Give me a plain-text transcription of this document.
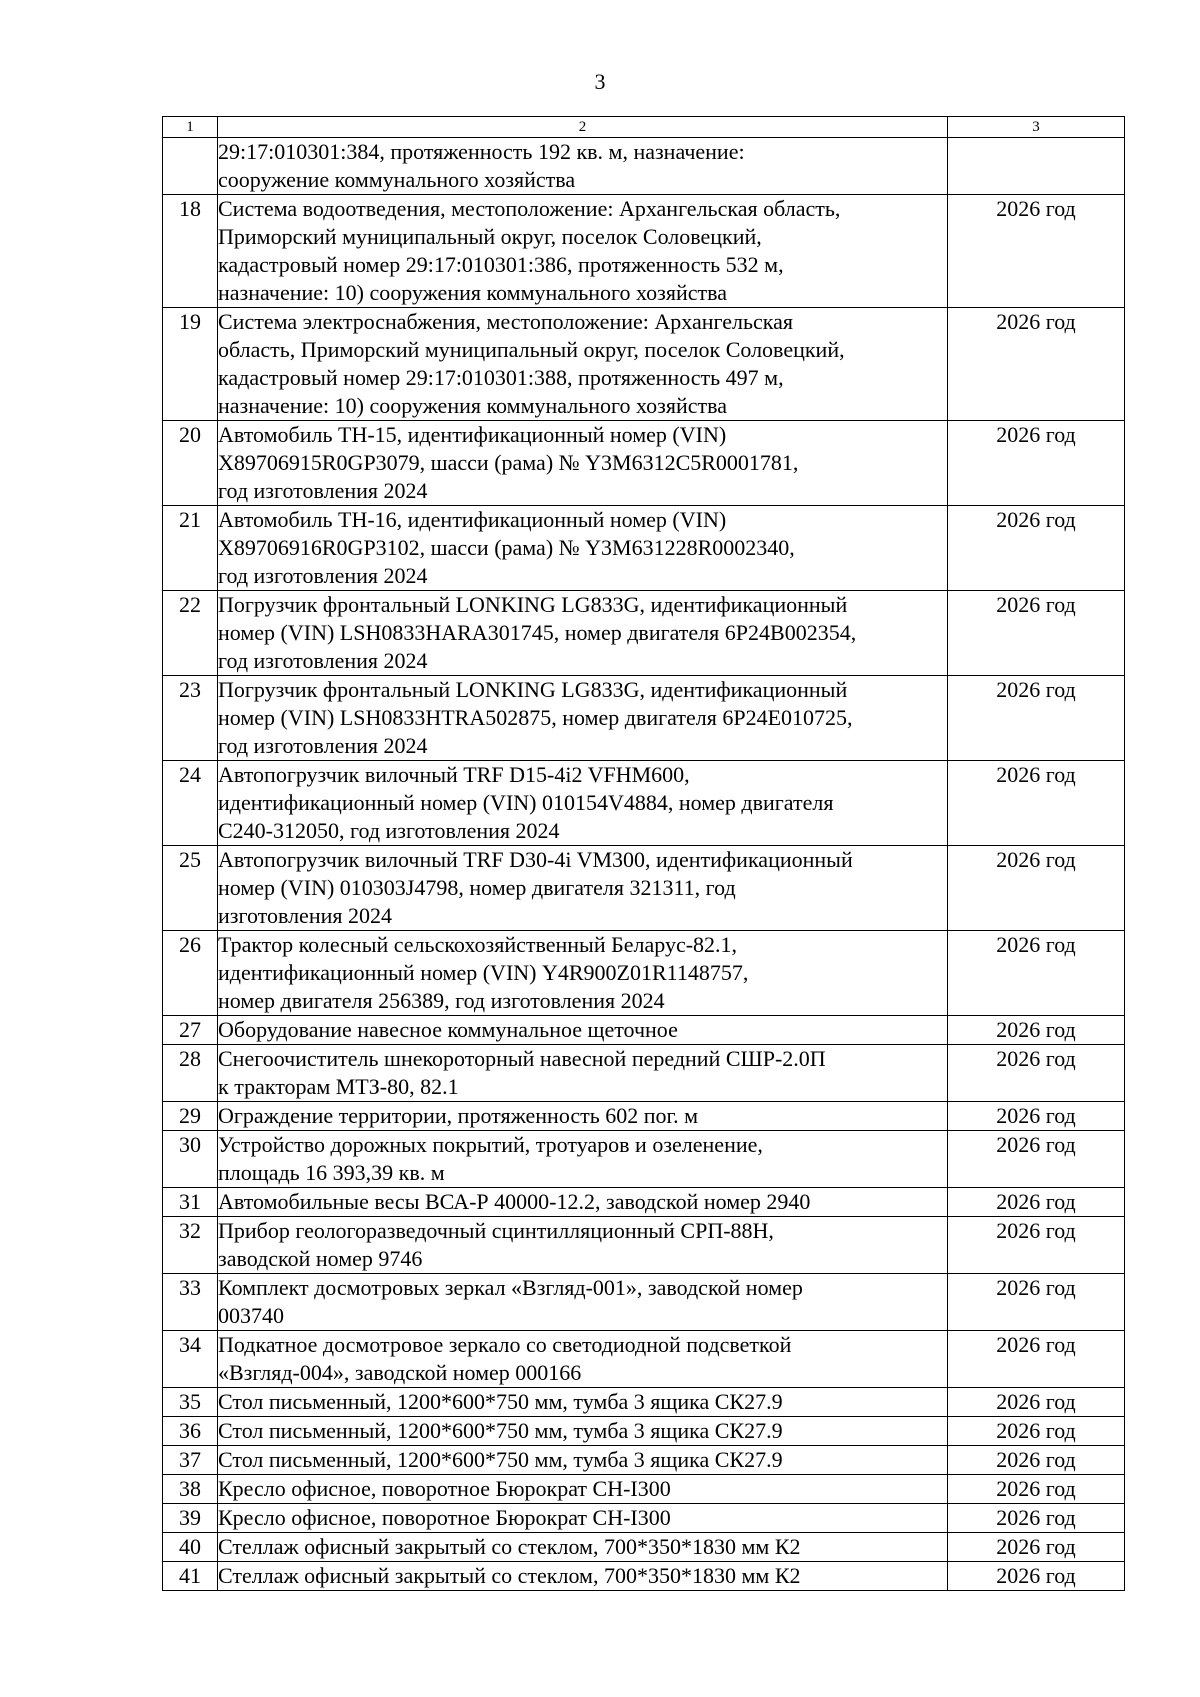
3
1	2	3

	29:17:010301:384, протяженность 192 кв. м, назначение:
сооружение коммунального хозяйства	

18	Система водоотведения, местоположение: Архангельская область,
Приморский муниципальный округ, поселок Соловецкий,
кадастровый номер 29:17:010301:386, протяженность 532 м,
назначение: 10) сооружения коммунального хозяйства	2026 год
19	Система электроснабжения, местоположение: Архангельская
область, Приморский муниципальный округ, поселок Соловецкий,
кадастровый номер 29:17:010301:388, протяженность 497 м,
назначение: 10) сооружения коммунального хозяйства	2026 год
20	Автомобиль ТН-15, идентификационный номер (VIN)
X89706915R0GP3079, шасси (рама) № Y3M6312C5R0001781,
год изготовления 2024	2026 год
21	Автомобиль ТН-16, идентификационный номер (VIN)
X89706916R0GP3102, шасси (рама) № Y3M631228R0002340,
год изготовления 2024	2026 год
22	Погрузчик фронтальный LONKING LG833G, идентификационный
номер (VIN) LSH0833HARA301745, номер двигателя 6P24B002354,
год изготовления 2024	2026 год
23	Погрузчик фронтальный LONKING LG833G, идентификационный
номер (VIN) LSH0833HTRA502875, номер двигателя 6P24E010725,
год изготовления 2024	2026 год
24	Автопогрузчик вилочный TRF D15-4i2 VFHM600,
идентификационный номер (VIN) 010154V4884, номер двигателя
C240-312050, год изготовления 2024	2026 год
25	Автопогрузчик вилочный TRF D30-4i VM300, идентификационный
номер (VIN) 010303J4798, номер двигателя 321311, год
изготовления 2024	2026 год
26	Трактор колесный сельскохозяйственный Беларус-82.1,
идентификационный номер (VIN) Y4R900Z01R1148757,
номер двигателя 256389, год изготовления 2024	2026 год
27	Оборудование навесное коммунальное щеточное	2026 год
28	Снегоочиститель шнекороторный навесной передний СШР-2.0П
к тракторам МТЗ-80, 82.1	2026 год
29	Ограждение территории, протяженность 602 пог. м	2026 год
30	Устройство дорожных покрытий, тротуаров и озеленение,
площадь 16 393,39 кв. м	2026 год
31	Автомобильные весы ВСА-Р 40000-12.2, заводской номер 2940	2026 год
32	Прибор геологоразведочный сцинтилляционный СРП-88Н,
заводской номер 9746	2026 год
33	Комплект досмотровых зеркал «Взгляд-001», заводской номер
003740	2026 год
34	Подкатное досмотровое зеркало со светодиодной подсветкой
«Взгляд-004», заводской номер 000166	2026 год
35	Стол письменный, 1200*600*750 мм, тумба 3 ящика СК27.9	2026 год
36	Стол письменный, 1200*600*750 мм, тумба 3 ящика СК27.9	2026 год
37	Стол письменный, 1200*600*750 мм, тумба 3 ящика СК27.9	2026 год
38	Кресло офисное, поворотное Бюрократ CH-I300	2026 год
39	Кресло офисное, поворотное Бюрократ CH-I300	2026 год
40	Стеллаж офисный закрытый со стеклом, 700*350*1830 мм К2	2026 год
41	Стеллаж офисный закрытый со стеклом, 700*350*1830 мм К2	2026 год
